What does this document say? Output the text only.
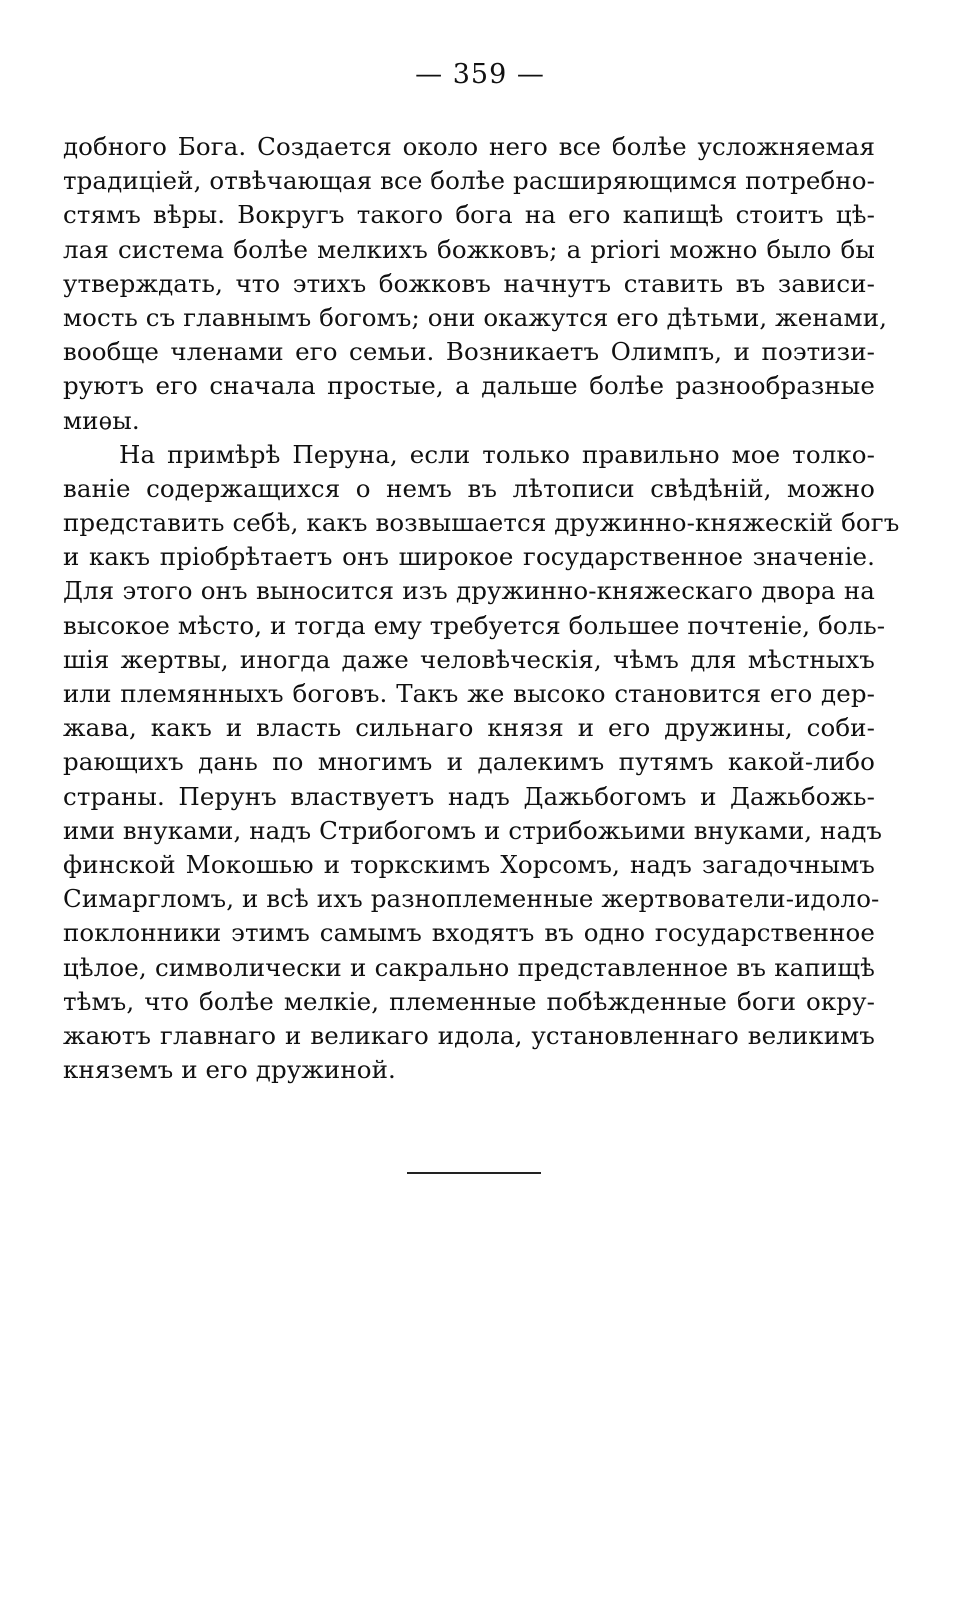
— 359 —
добного Бога. Создается около него все болѣе усложняемая
традиціей, отвѣчающая все болѣе расширяющимся потребно-
стямъ вѣры. Вокругъ такого бога на его капищѣ стоитъ цѣ-
лая система болѣе мелкихъ божковъ; а priori можно было бы
утверждать, что этихъ божковъ начнутъ ставить въ зависи-
мость съ главнымъ богомъ; они окажутся его дѣтьми, женами,
вообще членами его семьи. Возникаетъ Олимпъ, и поэтизи-
руютъ его сначала простые, а дальше болѣе разнообразные
миѳы.
На примѣрѣ Перуна, если только правильно мое толко-
ваніе содержащихся о немъ въ лѣтописи свѣдѣній, можно
представить себѣ, какъ возвышается дружинно-княжескій богъ
и какъ пріобрѣтаетъ онъ широкое государственное значеніе.
Для этого онъ выносится изъ дружинно-княжескаго двора на
высокое мѣсто, и тогда ему требуется большее почтеніе, боль-
шія жертвы, иногда даже человѣческія, чѣмъ для мѣстныхъ
или племянныхъ боговъ. Такъ же высоко становится его дер-
жава, какъ и власть сильнаго князя и его дружины, соби-
рающихъ дань по многимъ и далекимъ путямъ какой-либо
страны. Перунъ властвуетъ надъ Дажьбогомъ и Дажьбожь-
ими внуками, надъ Стрибогомъ и стрибожьими внуками, надъ
финской Мокошью и торкскимъ Хорсомъ, надъ загадочнымъ
Симаргломъ, и всѣ ихъ разноплеменные жертвователи-идоло-
поклонники этимъ самымъ входятъ въ одно государственное
цѣлое, символически и сакрально представленное въ капищѣ
тѣмъ, что болѣе мелкіе, племенные побѣжденные боги окру-
жаютъ главнаго и великаго идола, установленнаго великимъ
княземъ и его дружиной.
